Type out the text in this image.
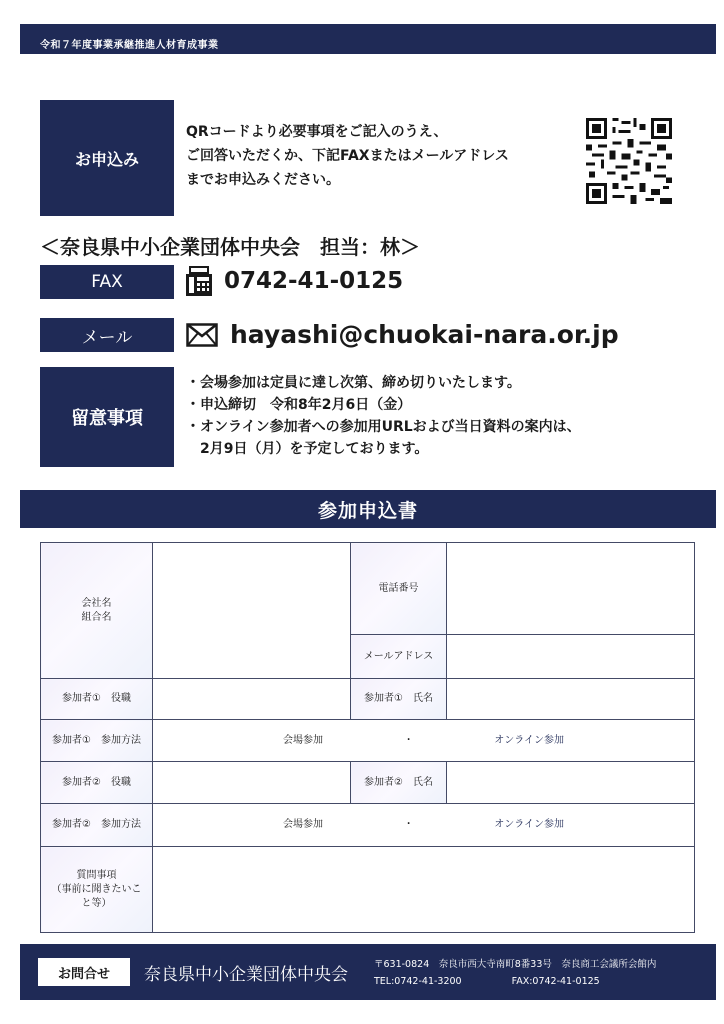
令和７年度事業承継推進人材育成事業
お申込み
QRコードより必要事項をご記入のうえ、
ご回答いただくか、下記FAXまたはメールアドレス
までお申込みください。
＜奈良県中小企業団体中央会　担当：林＞
FAX	0742-41-0125
メール	hayashi@chuokai-nara.or.jp
留意事項
・会場参加は定員に達し次第、締め切りいたします。
・申込締切　令和8年2月6日（金）
・オンライン参加者への参加用URLおよび当日資料の案内は、
　2月9日（月）を予定しております。
参加申込書
会社名
組合名		電話番号	
		メールアドレス	
参加者①　役職		参加者①　氏名	
参加者①　参加方法	会場参加 ・ オンライン参加		

参加者②　役職		参加者②　氏名	
参加者②　参加方法	会場参加 ・ オンライン参加		

質問事項
（事前に聞きたいこ
と等）			

お問合せ	奈良県中小企業団体中央会
〒631-0824　奈良市西大寺南町8番33号　奈良商工会議所会館内
TEL:0742-41-3200	FAX:0742-41-0125
